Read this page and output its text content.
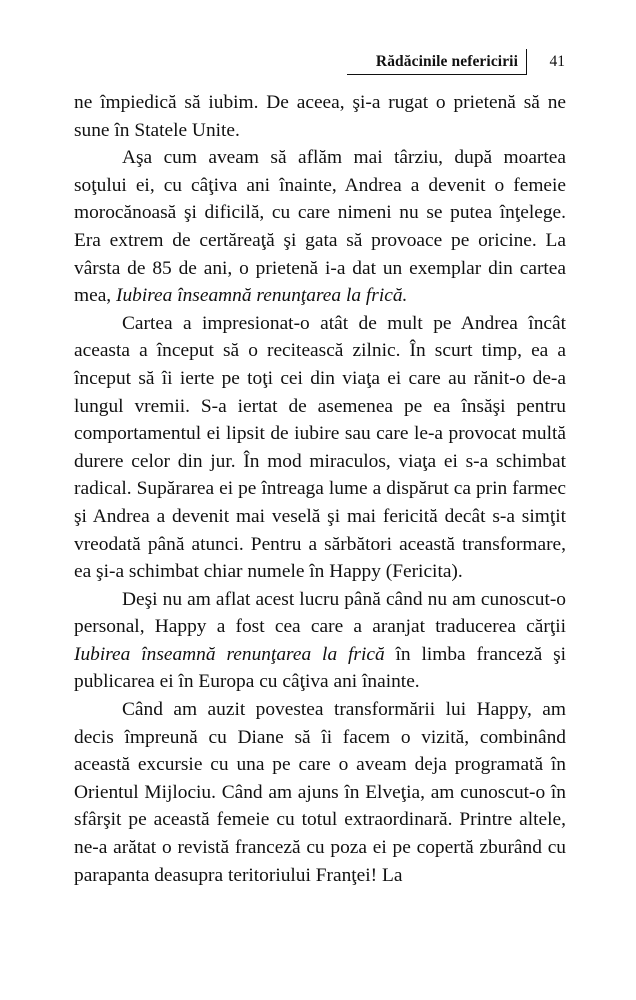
Rădăcinile nefericirii 41

ne împiedică să iubim. De aceea, şi-a rugat o prietenă să ne sune în Statele Unite.

Aşa cum aveam să aflăm mai târziu, după moartea soţului ei, cu câţiva ani înainte, Andrea a devenit o femeie morocănoasă şi dificilă, cu care nimeni nu se putea înţelege. Era extrem de certăreaţă şi gata să provoace pe oricine. La vârsta de 85 de ani, o prietenă i-a dat un exemplar din cartea mea, Iubirea înseamnă renunţarea la frică.

Cartea a impresionat-o atât de mult pe Andrea încât aceasta a început să o recitească zilnic. În scurt timp, ea a început să îi ierte pe toţi cei din viaţa ei care au rănit-o de-a lungul vremii. S-a iertat de asemenea pe ea însăşi pentru comportamentul ei lipsit de iubire sau care le-a provocat multă durere celor din jur. În mod miraculos, viaţa ei s-a schimbat radical. Supărarea ei pe întreaga lume a dispărut ca prin farmec şi Andrea a devenit mai veselă şi mai fericită decât s-a simţit vreodată până atunci. Pentru a sărbători această transformare, ea şi-a schimbat chiar numele în Happy (Fericita).

Deşi nu am aflat acest lucru până când nu am cunoscut-o personal, Happy a fost cea care a aranjat traducerea cărţii Iubirea înseamnă renunţarea la frică în limba franceză şi publicarea ei în Europa cu câţiva ani înainte.

Când am auzit povestea transformării lui Happy, am decis împreună cu Diane să îi facem o vizită, combinând această excursie cu una pe care o aveam deja programată în Orientul Mijlociu. Când am ajuns în Elveţia, am cunoscut-o în sfârşit pe această femeie cu totul extraordinară. Printre altele, ne-a arătat o revistă franceză cu poza ei pe copertă zburând cu parapanta deasupra teritoriului Franţei! La
